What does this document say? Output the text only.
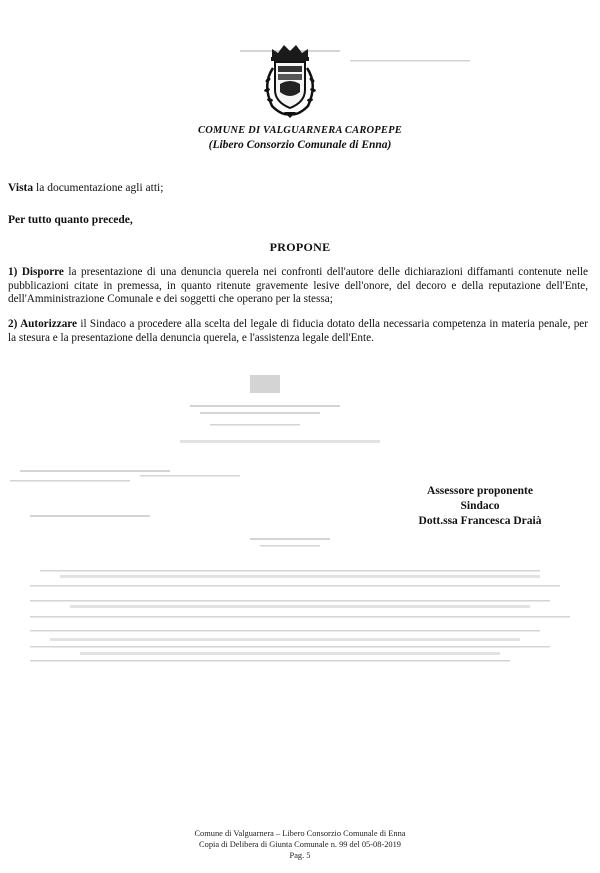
COMUNE DI VALGUARNERA CAROPEPE
(Libero Consorzio Comunale di Enna)
Vista la documentazione agli atti;
Per tutto quanto precede,
PROPONE
1) Disporre la presentazione di una denuncia querela nei confronti dell'autore delle dichiarazioni diffamanti contenute nelle pubblicazioni citate in premessa, in quanto ritenute gravemente lesive dell'onore, del decoro e della reputazione dell'Ente, dell'Amministrazione Comunale e dei soggetti che operano per la stessa;
2) Autorizzare il Sindaco a procedere alla scelta del legale di fiducia dotato della necessaria competenza in materia penale, per la stesura e la presentazione della denuncia querela, e l'assistenza legale dell'Ente.
Assessore proponente
Sindaco
Dott.ssa Francesca Draià
Comune di Valguarnera – Libero Consorzio Comunale di Enna
Copia di Delibera di Giunta Comunale n. 99 del 05-08-2019
Pag. 5
